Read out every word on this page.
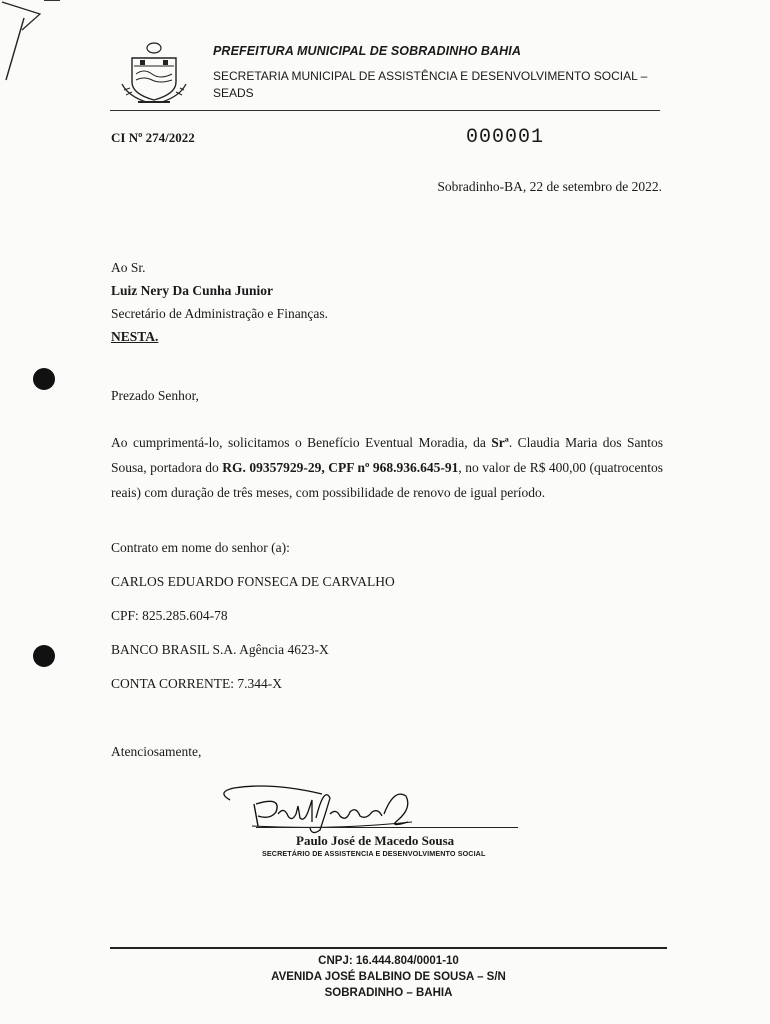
PREFEITURA MUNICIPAL DE SOBRADINHO BAHIA
SECRETARIA MUNICIPAL DE ASSISTÊNCIA E DESENVOLVIMENTO SOCIAL – SEADS
CI Nº 274/2022	000001
Sobradinho-BA, 22 de setembro de 2022.
Ao Sr.
Luiz Nery Da Cunha Junior
Secretário de Administração e Finanças.
NESTA.
Prezado Senhor,
Ao cumprimentá-lo, solicitamos o Benefício Eventual Moradia, da Srª. Claudia Maria dos Santos Sousa, portadora do RG. 09357929-29, CPF nº 968.936.645-91, no valor de R$ 400,00 (quatrocentos reais) com duração de três meses, com possibilidade de renovo de igual período.
Contrato em nome do senhor (a):
CARLOS EDUARDO FONSECA DE CARVALHO
CPF: 825.285.604-78
BANCO BRASIL S.A. Agência 4623-X
CONTA CORRENTE: 7.344-X
Atenciosamente,
Paulo José de Macedo Sousa
SECRETÁRIO DE ASSISTENCIA E DESENVOLVIMENTO SOCIAL
CNPJ: 16.444.804/0001-10
AVENIDA JOSÉ BALBINO DE SOUSA – S/N
SOBRADINHO – BAHIA
